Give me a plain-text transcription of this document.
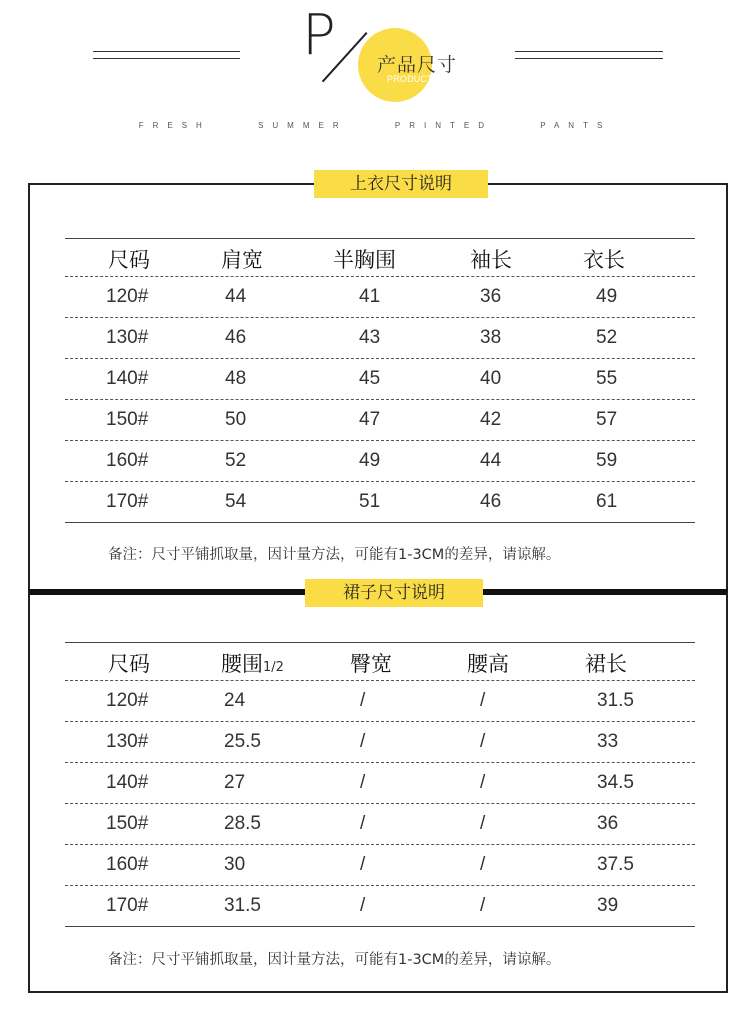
P 产品尺寸
PRODUCT SIZE
FRESH	SUMMER	PRINTED	PANTS
上衣尺寸说明
裙子尺寸说明
尺码	肩宽	半胸围	袖长	衣长
120#	44	41	36	49
130#	46	43	38	52
140#	48	45	40	55
150#	50	47	42	57
160#	52	49	44	59
170#	54	51	46	61
备注：尺寸平铺抓取量，因计量方法，可能有1-3CM的差异，请谅解。
尺码	腰围1/2	臀宽	腰高	裙长
120#	24	/	/	31.5
130#	25.5	/	/	33
140#	27	/	/	34.5
150#	28.5	/	/	36
160#	30	/	/	37.5
170#	31.5	/	/	39
备注：尺寸平铺抓取量，因计量方法，可能有1-3CM的差异，请谅解。
